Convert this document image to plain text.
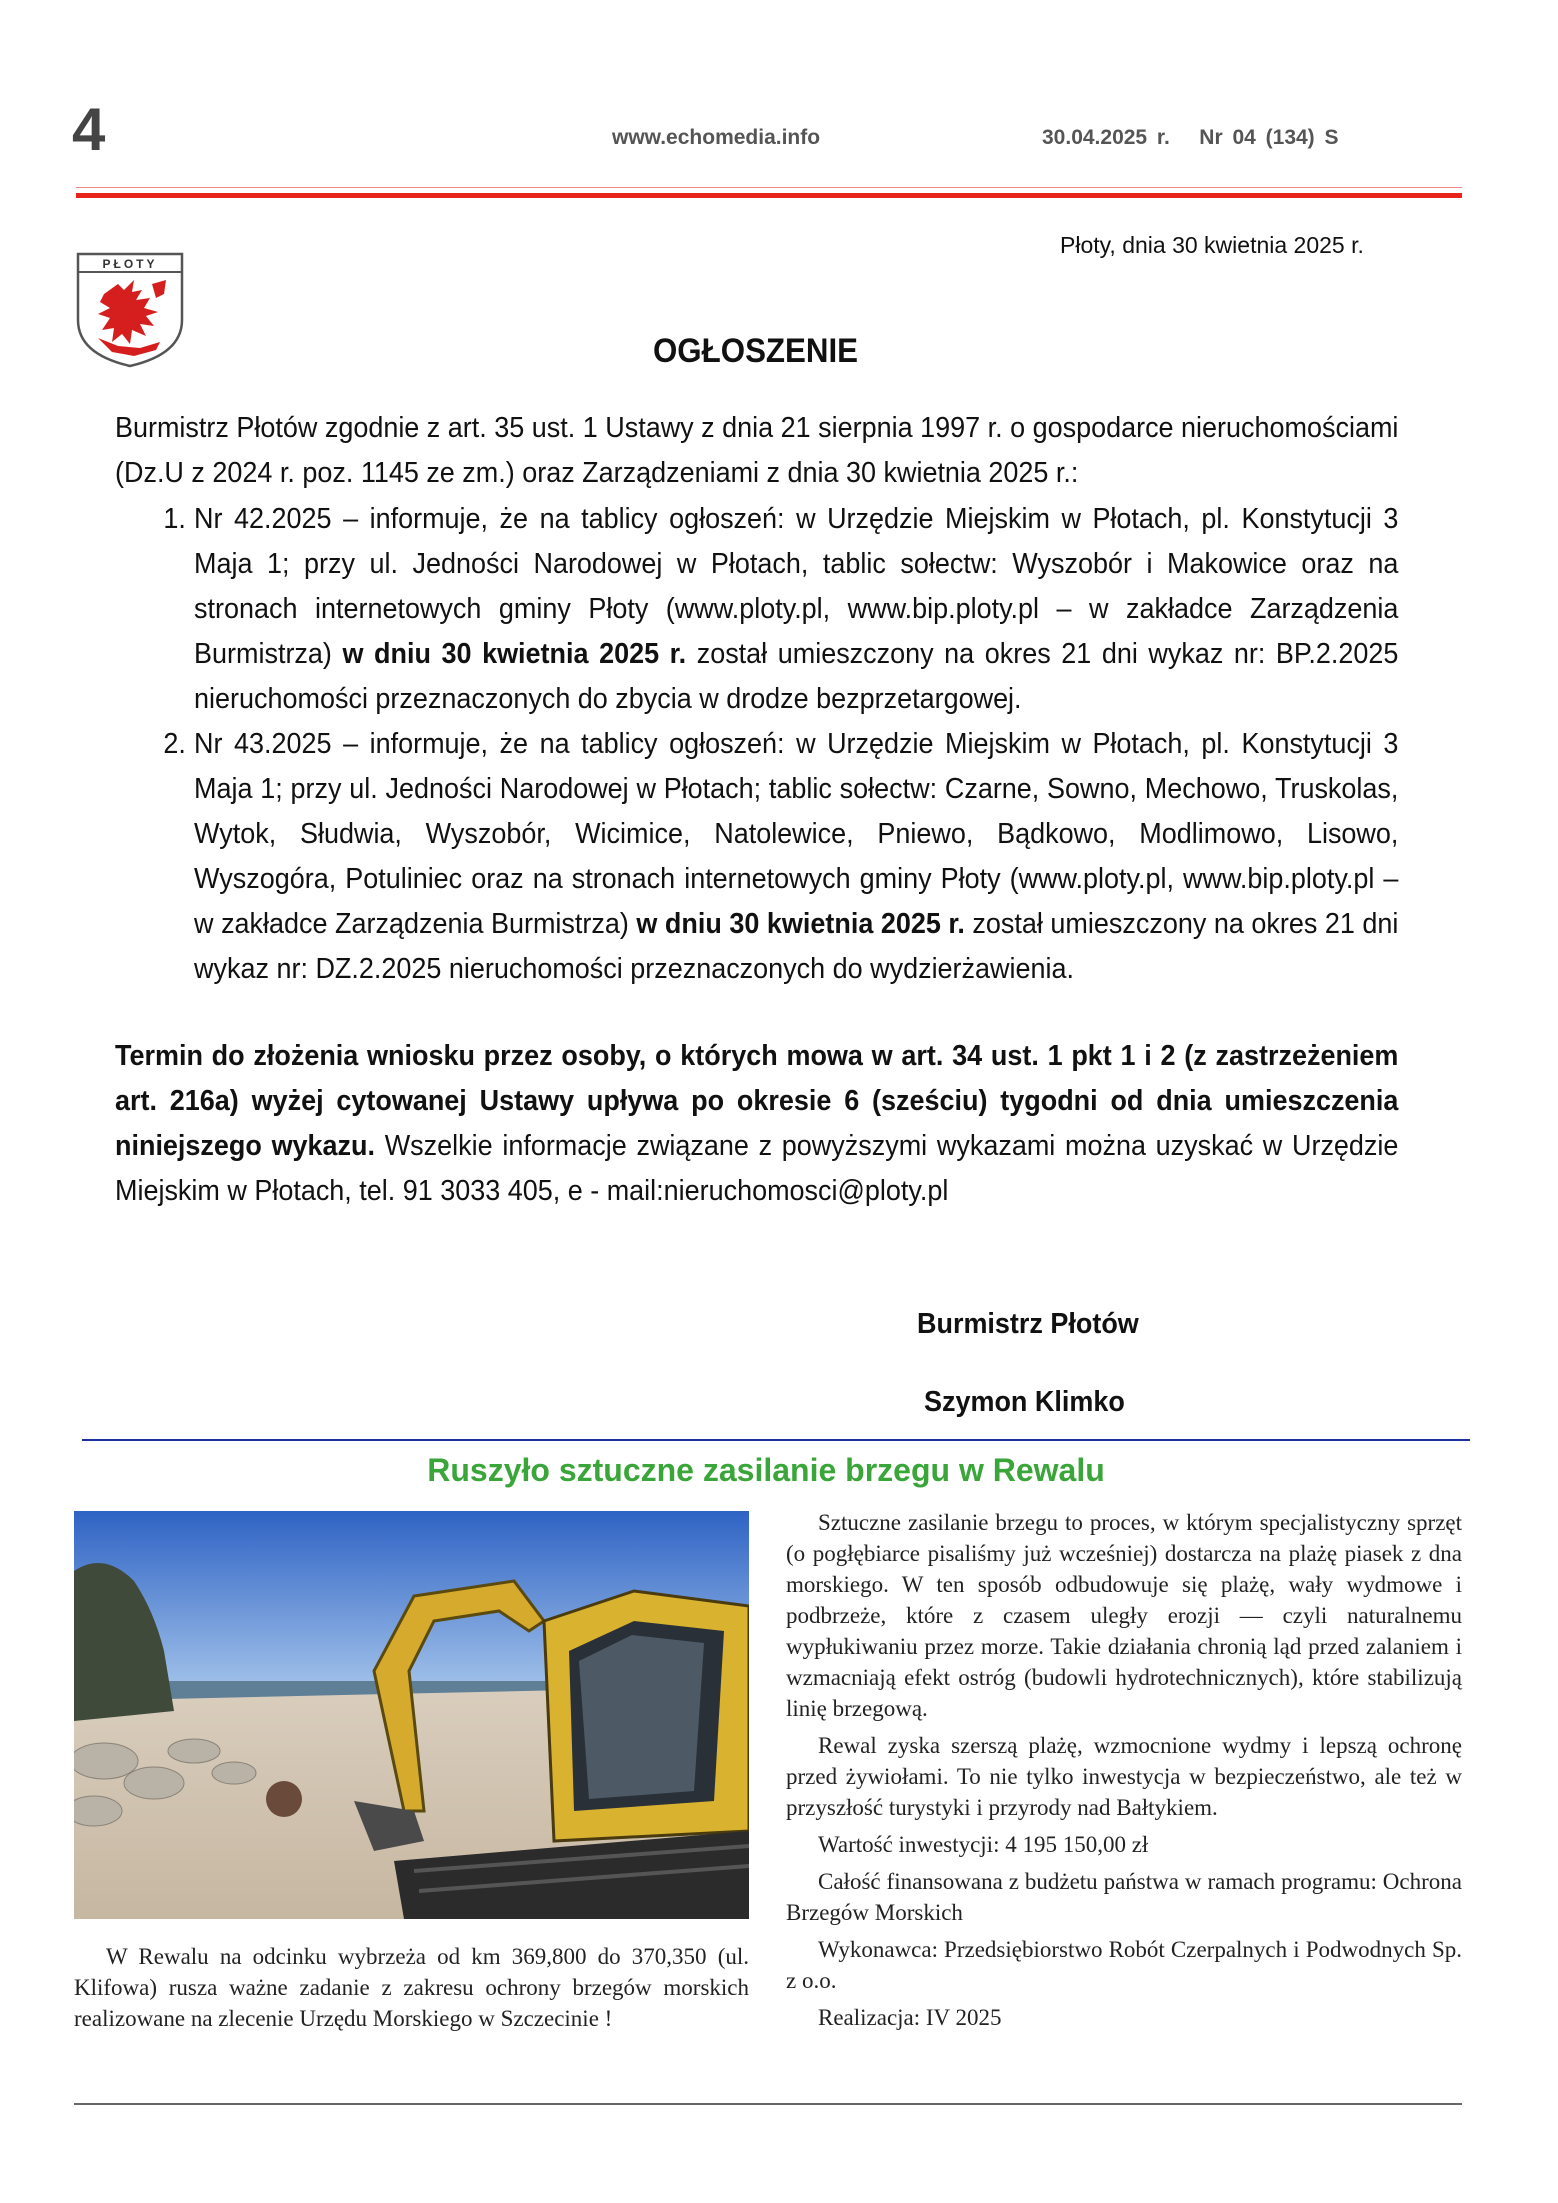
4	www.echomedia.info	30.04.2025 r.   Nr 04 (134) S
PŁOTY
Płoty, dnia 30 kwietnia 2025 r.
OGŁOSZENIE
Burmistrz Płotów zgodnie z art. 35 ust. 1 Ustawy z dnia 21 sierpnia 1997 r. o gospodarce nieruchomościami (Dz.U z 2024 r. poz. 1145 ze zm.) oraz Zarządzeniami z dnia 30 kwietnia 2025 r.:
1. Nr 42.2025 – informuje, że na tablicy ogłoszeń: w Urzędzie Miejskim w Płotach, pl. Konstytucji 3 Maja 1; przy ul. Jedności Narodowej w Płotach, tablic sołectw: Wyszobór i Makowice oraz na stronach internetowych gminy Płoty (www.ploty.pl, www.bip.ploty.pl – w zakładce Zarządzenia Burmistrza) w dniu 30 kwietnia 2025 r. został umieszczony na okres 21 dni wykaz nr: BP.2.2025 nieruchomości przeznaczonych do zbycia w drodze bezprzetargowej.
2. Nr 43.2025 – informuje, że na tablicy ogłoszeń: w Urzędzie Miejskim w Płotach, pl. Konstytucji 3 Maja 1; przy ul. Jedności Narodowej w Płotach; tablic sołectw: Czarne, Sowno, Mechowo, Truskolas, Wytok, Słudwia, Wyszobór, Wicimice, Natolewice, Pniewo, Bądkowo, Modlimowo, Lisowo, Wyszogóra, Potuliniec oraz na stronach internetowych gminy Płoty (www.ploty.pl, www.bip.ploty.pl – w zakładce Zarządzenia Burmistrza) w dniu 30 kwietnia 2025 r. został umieszczony na okres 21 dni wykaz nr: DZ.2.2025 nieruchomości przeznaczonych do wydzierżawienia.
Termin do złożenia wniosku przez osoby, o których mowa w art. 34 ust. 1 pkt 1 i 2 (z zastrzeżeniem art. 216a) wyżej cytowanej Ustawy upływa po okresie 6 (sześciu) tygodni od dnia umieszczenia niniejszego wykazu. Wszelkie informacje związane z powyższymi wykazami można uzyskać w Urzędzie Miejskim w Płotach, tel. 91 3033 405, e - mail:nieruchomosci@ploty.pl
Burmistrz Płotów
Szymon Klimko
Ruszyło sztuczne zasilanie brzegu w Rewalu

W Rewalu na odcinku wybrzeża od km 369,800 do 370,350 (ul. Klifowa) rusza ważne zadanie z zakresu ochrony brzegów morskich realizowane na zlecenie Urzędu Morskiego w Szczecinie !

Sztuczne zasilanie brzegu to proces, w którym specjalistyczny sprzęt (o pogłębiarce pisaliśmy już wcześniej) dostarcza na plażę piasek z dna morskiego. W ten sposób odbudowuje się plażę, wały wydmowe i podbrzeże, które z czasem uległy erozji — czyli naturalnemu wypłukiwaniu przez morze. Takie działania chronią ląd przed zalaniem i wzmacniają efekt ostróg (budowli hydrotechnicznych), które stabilizują linię brzegową.

Rewal zyska szerszą plażę, wzmocnione wydmy i lepszą ochronę przed żywiołami. To nie tylko inwestycja w bezpieczeństwo, ale też w przyszłość turystyki i przyrody nad Bałtykiem.

Wartość inwestycji: 4 195 150,00 zł

Całość finansowana z budżetu państwa w ramach programu: Ochrona Brzegów Morskich

Wykonawca: Przedsiębiorstwo Robót Czerpalnych i Podwodnych Sp. z o.o.

Realizacja: IV 2025
